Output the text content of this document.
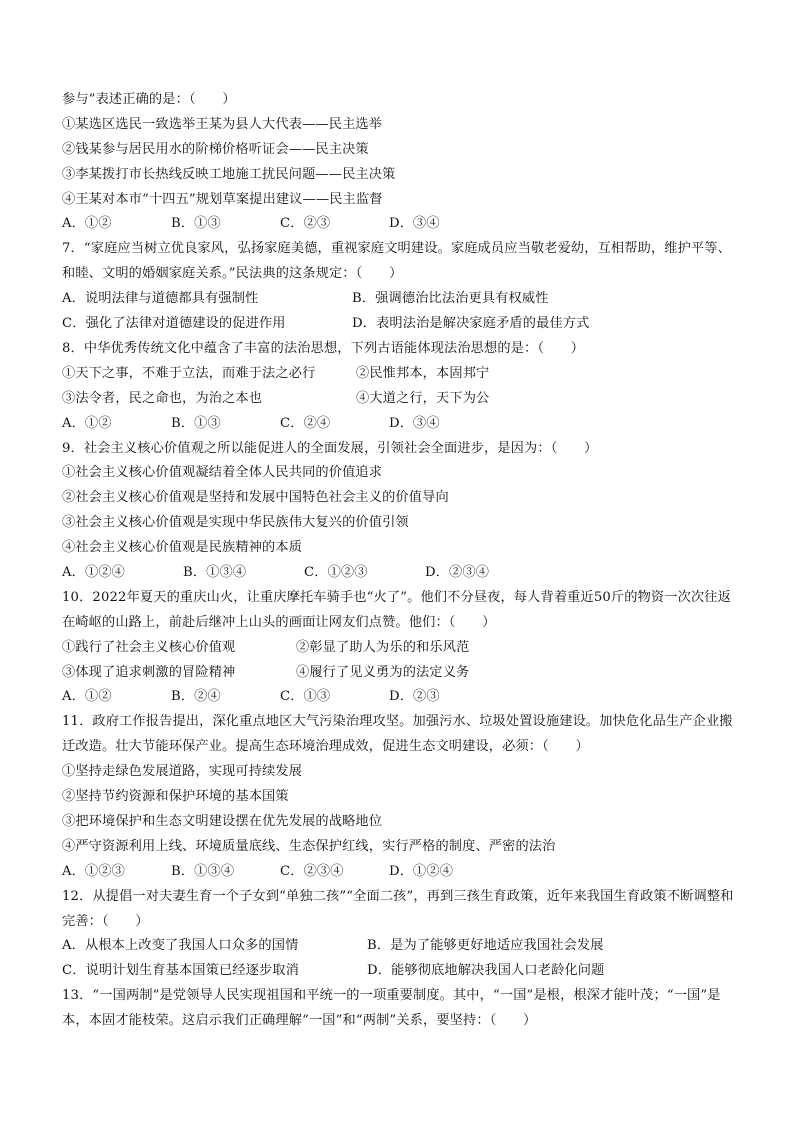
参与”表述正确的是：（　　）
①某选区选民一致选举王某为县人大代表——民主选举
②钱某参与居民用水的阶梯价格听证会——民主决策
③李某拨打市长热线反映工地施工扰民问题——民主决策
④王某对本市“十四五”规划草案提出建议——民主监督
A．①②	B．①③	C．②③	D．③④
7．“家庭应当树立优良家风，弘扬家庭美德，重视家庭文明建设。家庭成员应当敬老爱幼，互相帮助，维护平等、和睦、文明的婚姻家庭关系。”民法典的这条规定：（　　）
A．说明法律与道德都具有强制性	B．强调德治比法治更具有权威性
C．强化了法律对道德建设的促进作用	D．表明法治是解决家庭矛盾的最佳方式
8．中华优秀传统文化中蕴含了丰富的法治思想，下列古语能体现法治思想的是：（　　）
①天下之事，不难于立法，而难于法之必行	②民惟邦本，本固邦宁
③法令者，民之命也，为治之本也	④大道之行，天下为公
A．①②	B．①③	C．②④	D．③④
9．社会主义核心价值观之所以能促进人的全面发展，引领社会全面进步，是因为：（　　）
①社会主义核心价值观凝结着全体人民共同的价值追求
②社会主义核心价值观是坚持和发展中国特色社会主义的价值导向
③社会主义核心价值观是实现中华民族伟大复兴的价值引领
④社会主义核心价值观是民族精神的本质
A．①②④	B．①③④	C．①②③	D．②③④
10．2022年夏天的重庆山火，让重庆摩托车骑手也“火了”。他们不分昼夜，每人背着重近50斤的物资一次次往返在崎岖的山路上，前赴后继冲上山头的画面让网友们点赞。他们：（　　）
①践行了社会主义核心价值观	②彰显了助人为乐的和乐风范
③体现了追求刺激的冒险精神	④履行了见义勇为的法定义务
A．①②	B．②④	C．①③	D．②③
11．政府工作报告提出，深化重点地区大气污染治理攻坚。加强污水、垃圾处置设施建设。加快危化品生产企业搬迁改造。壮大节能环保产业。提高生态环境治理成效，促进生态文明建设，必须：（　　）
①坚持走绿色发展道路，实现可持续发展
②坚持节约资源和保护环境的基本国策
③把环境保护和生态文明建设摆在优先发展的战略地位
④严守资源利用上线、环境质量底线、生态保护红线，实行严格的制度、严密的法治
A．①②③	B．①③④	C．②③④	D．①②④
12．从提倡一对夫妻生育一个子女到“单独二孩”“全面二孩”，再到三孩生育政策，近年来我国生育政策不断调整和完善：（　　）
A．从根本上改变了我国人口众多的国情	B．是为了能够更好地适应我国社会发展
C．说明计划生育基本国策已经逐步取消	D．能够彻底地解决我国人口老龄化问题
13．“一国两制”是党领导人民实现祖国和平统一的一项重要制度。其中，“一国”是根，根深才能叶茂；“一国”是本，本固才能枝荣。这启示我们正确理解“一国”和“两制”关系，要坚持：（　　）
